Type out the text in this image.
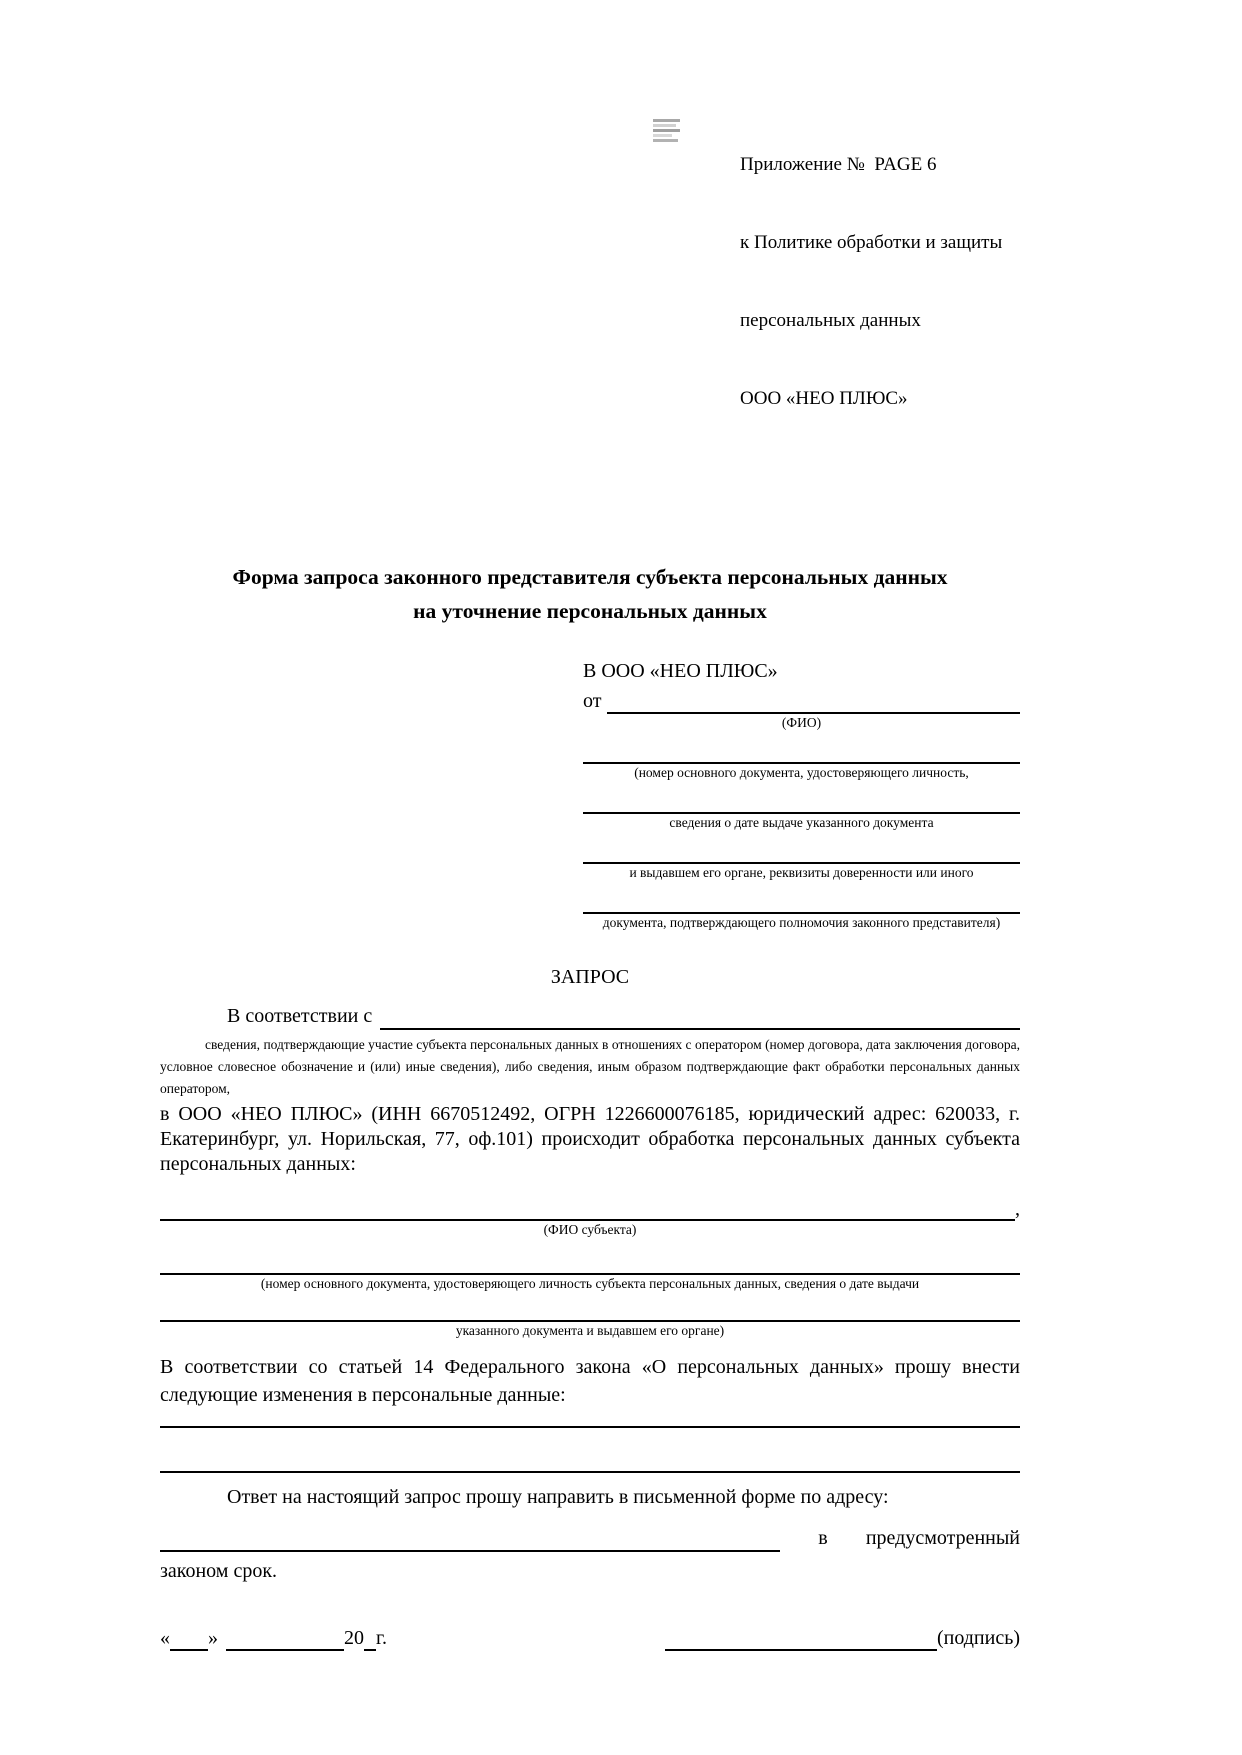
Приложение №  PAGE 6

к Политике обработки и защиты

персональных данных

ООО «НЕО ПЛЮС»

Форма запроса законного представителя субъекта персональных данных
на уточнение персональных данных
В ООО «НЕО ПЛЮС»
от
(ФИО)
(номер основного документа, удостоверяющего личность,
сведения о дате выдаче указанного документа
и выдавшем его органе, реквизиты доверенности или иного
документа, подтверждающего полномочия законного представителя)
ЗАПРОС
В соответствии с
сведения, подтверждающие участие субъекта персональных данных в отношениях с оператором (номер договора, дата заключения договора, условное словесное обозначение и (или) иные сведения), либо сведения, иным образом подтверждающие факт обработки персональных данных оператором,
в ООО «НЕО ПЛЮС» (ИНН 6670512492, ОГРН 1226600076185, юридический адрес: 620033, г. Екатеринбург, ул. Норильская, 77, оф.101) происходит обработка персональных данных субъекта персональных данных:
,
(ФИО субъекта)
(номер основного документа, удостоверяющего личность субъекта персональных данных, сведения о дате выдачи
указанного документа и выдавшем его органе)
В соответствии со статьей 14 Федерального закона «О персональных данных» прошу внести следующие изменения в персональные данные:
Ответ на настоящий запрос прошу направить в письменной форме по адресу:
в предусмотренный
законом срок.
« »	20 г.	(подпись)
